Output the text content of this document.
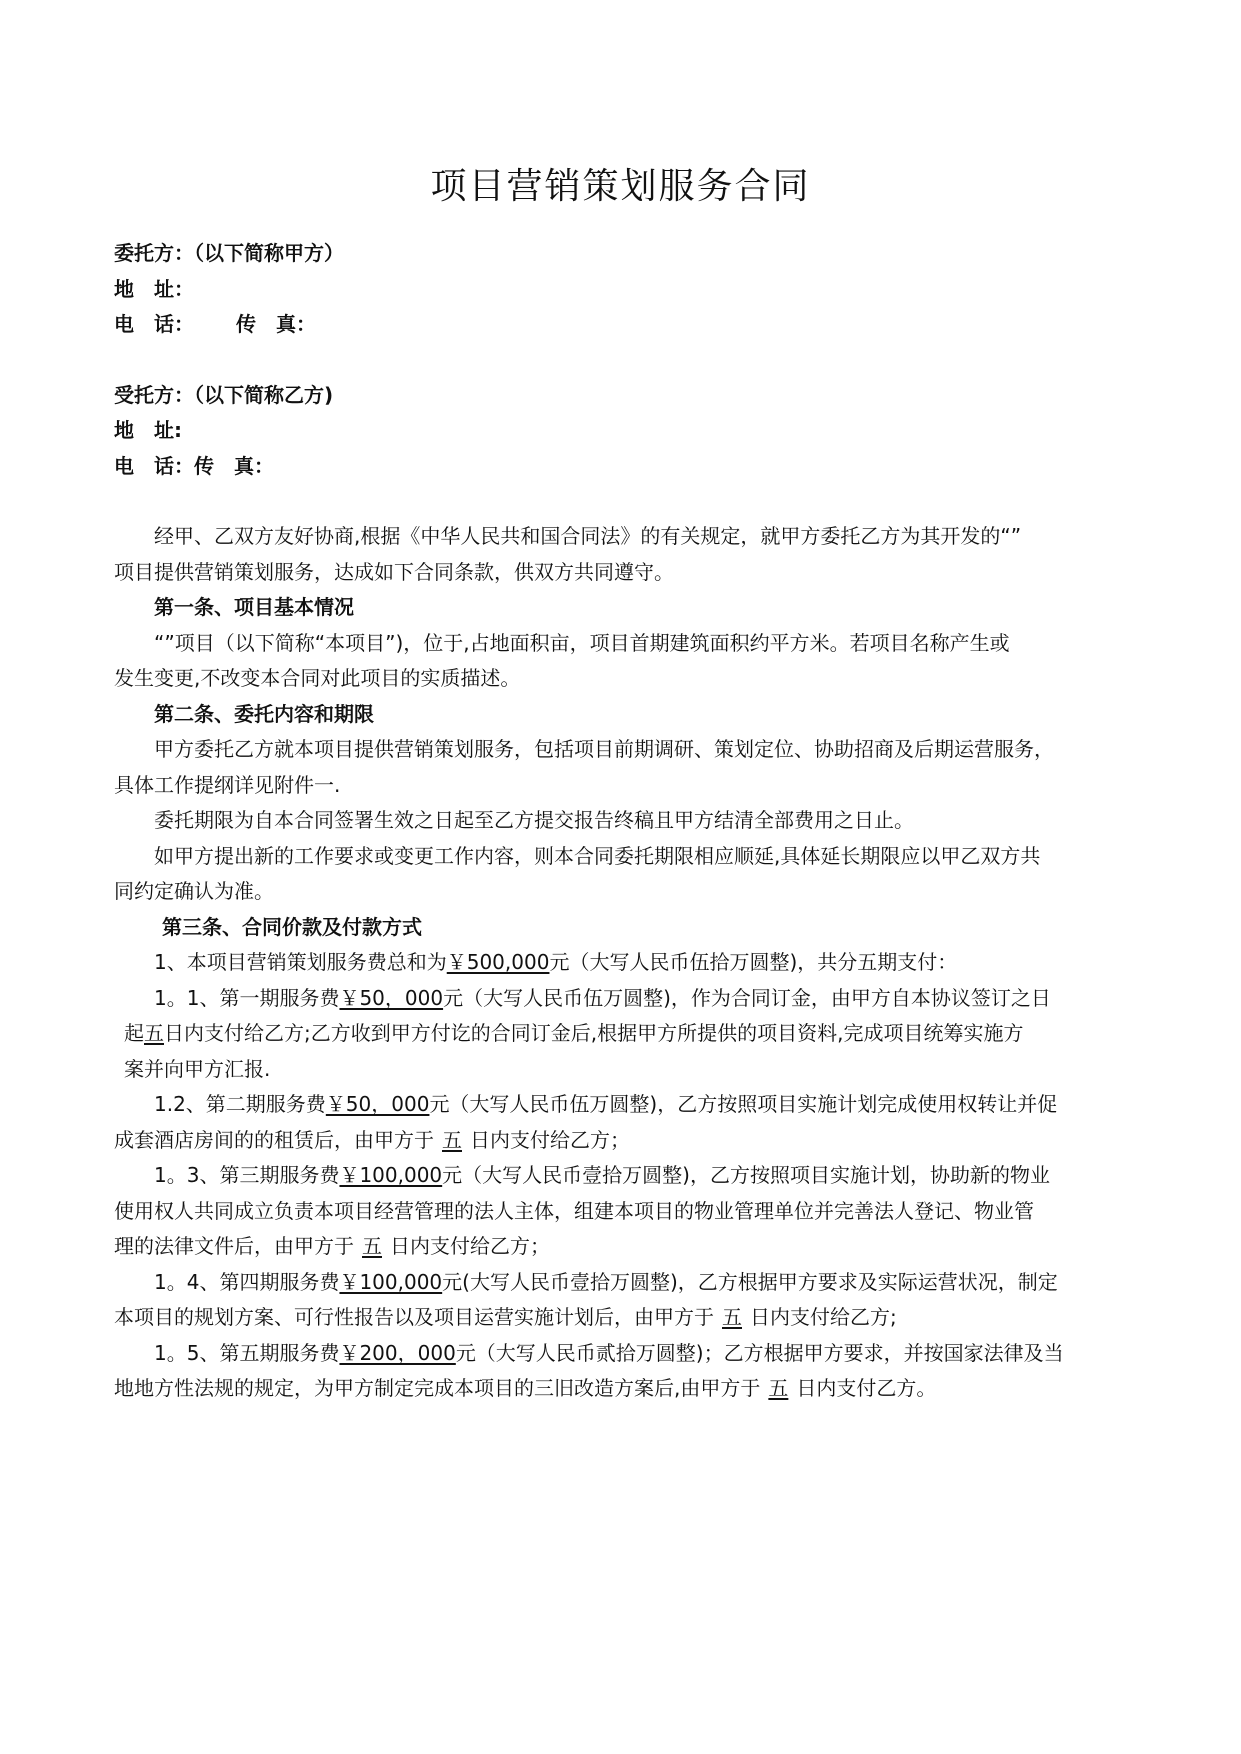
项目营销策划服务合同
委托方：（以下简称甲方）
地　址：
电　话： 传　真：
受托方：（以下简称乙方)
地　址:
电　话：传　真：
经甲、乙双方友好协商,根据《中华人民共和国合同法》的有关规定，就甲方委托乙方为其开发的“”
项目提供营销策划服务，达成如下合同条款，供双方共同遵守。
第一条、项目基本情况
“”项目（以下简称“本项目”)，位于,占地面积亩，项目首期建筑面积约平方米。若项目名称产生或
发生变更,不改变本合同对此项目的实质描述。
第二条、委托内容和期限
甲方委托乙方就本项目提供营销策划服务，包括项目前期调研、策划定位、协助招商及后期运营服务，
具体工作提纲详见附件一.
委托期限为自本合同签署生效之日起至乙方提交报告终稿且甲方结清全部费用之日止。
如甲方提出新的工作要求或变更工作内容，则本合同委托期限相应顺延,具体延长期限应以甲乙双方共
同约定确认为准。
第三条、合同价款及付款方式
1、本项目营销策划服务费总和为￥500,000元（大写人民币伍拾万圆整)，共分五期支付：
1。1、第一期服务费￥50，000元（大写人民币伍万圆整)，作为合同订金，由甲方自本协议签订之日
起五日内支付给乙方;乙方收到甲方付讫的合同订金后,根据甲方所提供的项目资料,完成项目统筹实施方
案并向甲方汇报.
1.2、第二期服务费￥50，000元（大写人民币伍万圆整)，乙方按照项目实施计划完成使用权转让并促
成套酒店房间的的租赁后，由甲方于 五 日内支付给乙方；
1。3、第三期服务费￥100,000元（大写人民币壹拾万圆整)，乙方按照项目实施计划，协助新的物业
使用权人共同成立负责本项目经营管理的法人主体，组建本项目的物业管理单位并完善法人登记、物业管
理的法律文件后，由甲方于 五 日内支付给乙方；
1。4、第四期服务费￥100,000元(大写人民币壹拾万圆整)，乙方根据甲方要求及实际运营状况，制定
本项目的规划方案、可行性报告以及项目运营实施计划后，由甲方于 五 日内支付给乙方;
1。5、第五期服务费￥200，000元（大写人民币贰拾万圆整)；乙方根据甲方要求，并按国家法律及当
地地方性法规的规定，为甲方制定完成本项目的三旧改造方案后,由甲方于 五 日内支付乙方。
